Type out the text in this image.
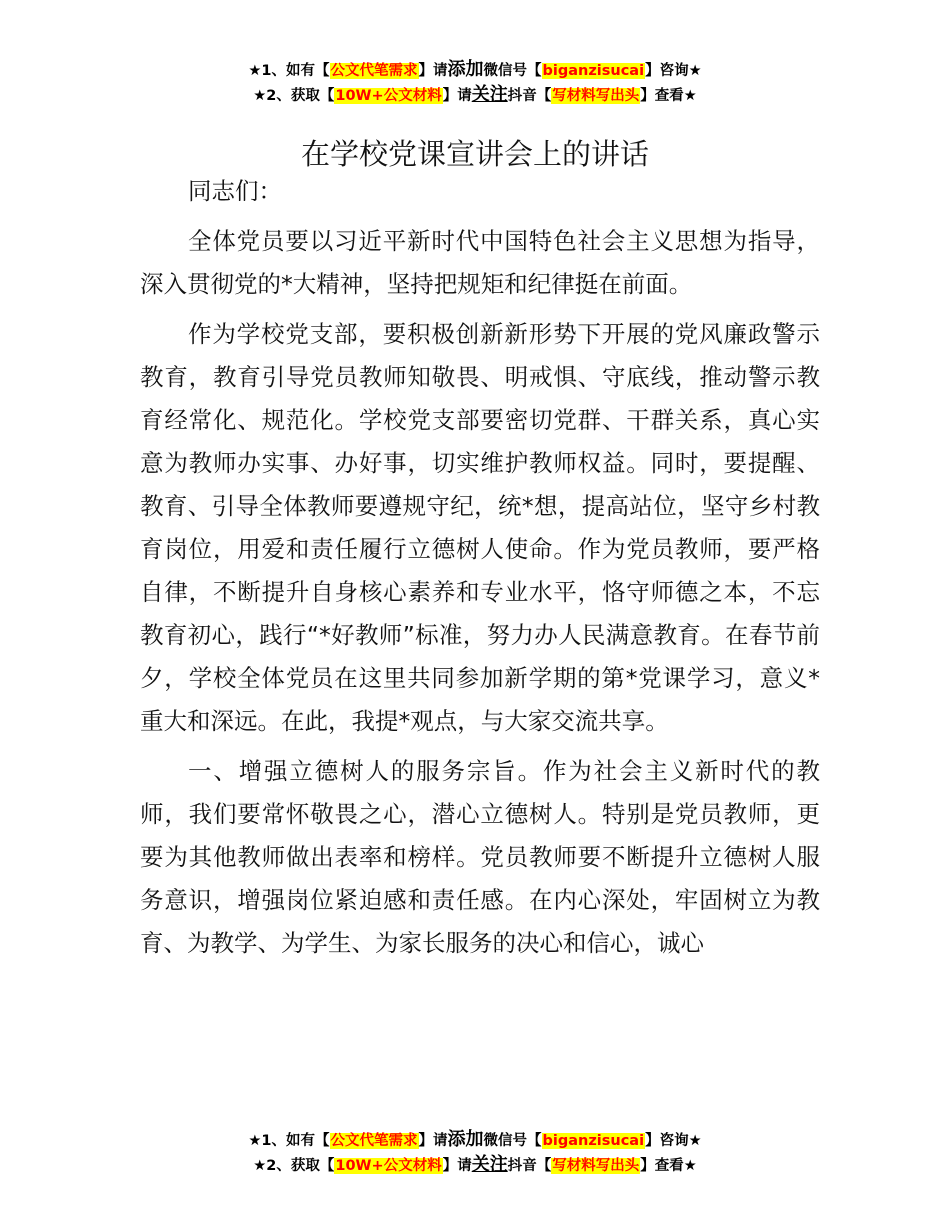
★1、如有【公文代笔需求】请添加微信号【biganzisucai】咨询★
★2、获取【10W+公文材料】请关注抖音【写材料写出头】查看★
在学校党课宣讲会上的讲话

同志们：

全体党员要以习近平新时代中国特色社会主义思想为指导，深入贯彻党的*大精神，坚持把规矩和纪律挺在前面。

作为学校党支部，要积极创新新形势下开展的党风廉政警示教育，教育引导党员教师知敬畏、明戒惧、守底线，推动警示教育经常化、规范化。学校党支部要密切党群、干群关系，真心实意为教师办实事、办好事，切实维护教师权益。同时，要提醒、教育、引导全体教师要遵规守纪，统*想，提高站位，坚守乡村教育岗位，用爱和责任履行立德树人使命。作为党员教师，要严格自律，不断提升自身核心素养和专业水平，恪守师德之本，不忘教育初心，践行“*好教师”标准，努力办人民满意教育。在春节前夕，学校全体党员在这里共同参加新学期的第*党课学习，意义*重大和深远。在此，我提*观点，与大家交流共享。

一、增强立德树人的服务宗旨。作为社会主义新时代的教师，我们要常怀敬畏之心，潜心立德树人。特别是党员教师，更要为其他教师做出表率和榜样。党员教师要不断提升立德树人服务意识，增强岗位紧迫感和责任感。在内心深处，牢固树立为教育、为教学、为学生、为家长服务的决心和信心，诚心

★1、如有【公文代笔需求】请添加微信号【biganzisucai】咨询★
★2、获取【10W+公文材料】请关注抖音【写材料写出头】查看★
